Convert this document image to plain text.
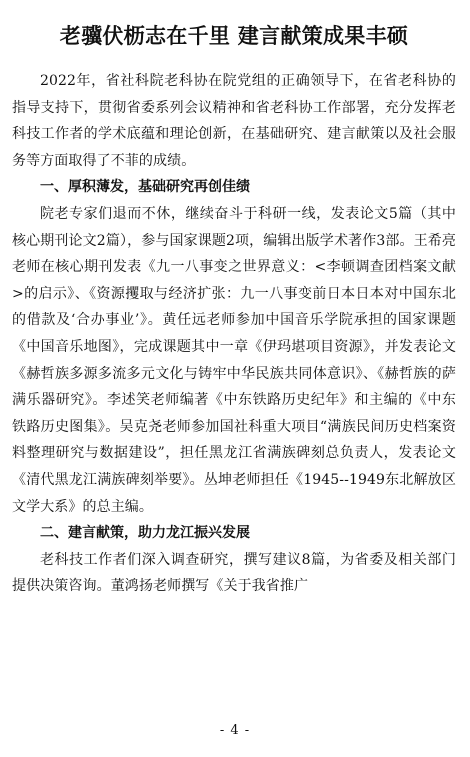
老骥伏枥志在千里 建言献策成果丰硕

2022年，省社科院老科协在院党组的正确领导下，在省老科协的指导支持下，贯彻省委系列会议精神和省老科协工作部署，充分发挥老科技工作者的学术底蕴和理论创新，在基础研究、建言献策以及社会服务等方面取得了不菲的成绩。

一、厚积薄发，基础研究再创佳绩

院老专家们退而不休，继续奋斗于科研一线，发表论文5篇（其中核心期刊论文2篇），参与国家课题2项，编辑出版学术著作3部。王希亮老师在核心期刊发表《九一八事变之世界意义：<李顿调查团档案文献>的启示》、《资源攫取与经济扩张：九一八事变前日本日本对中国东北的借款及‘合办事业’》。黄任远老师参加中国音乐学院承担的国家课题《中国音乐地图》，完成课题其中一章《伊玛堪项目资源》，并发表论文《赫哲族多源多流多元文化与铸牢中华民族共同体意识》、《赫哲族的萨满乐器研究》。李述笑老师编著《中东铁路历史纪年》和主编的《中东铁路历史图集》。吴克尧老师参加国社科重大项目“满族民间历史档案资料整理研究与数据建设”，担任黑龙江省满族碑刻总负责人，发表论文《清代黑龙江满族碑刻举要》。丛坤老师担任《1945--1949东北解放区文学大系》的总主编。

二、建言献策，助力龙江振兴发展

老科技工作者们深入调查研究，撰写建议8篇，为省委及相关部门提供决策咨询。董鸿扬老师撰写《关于我省推广

- 4 -
